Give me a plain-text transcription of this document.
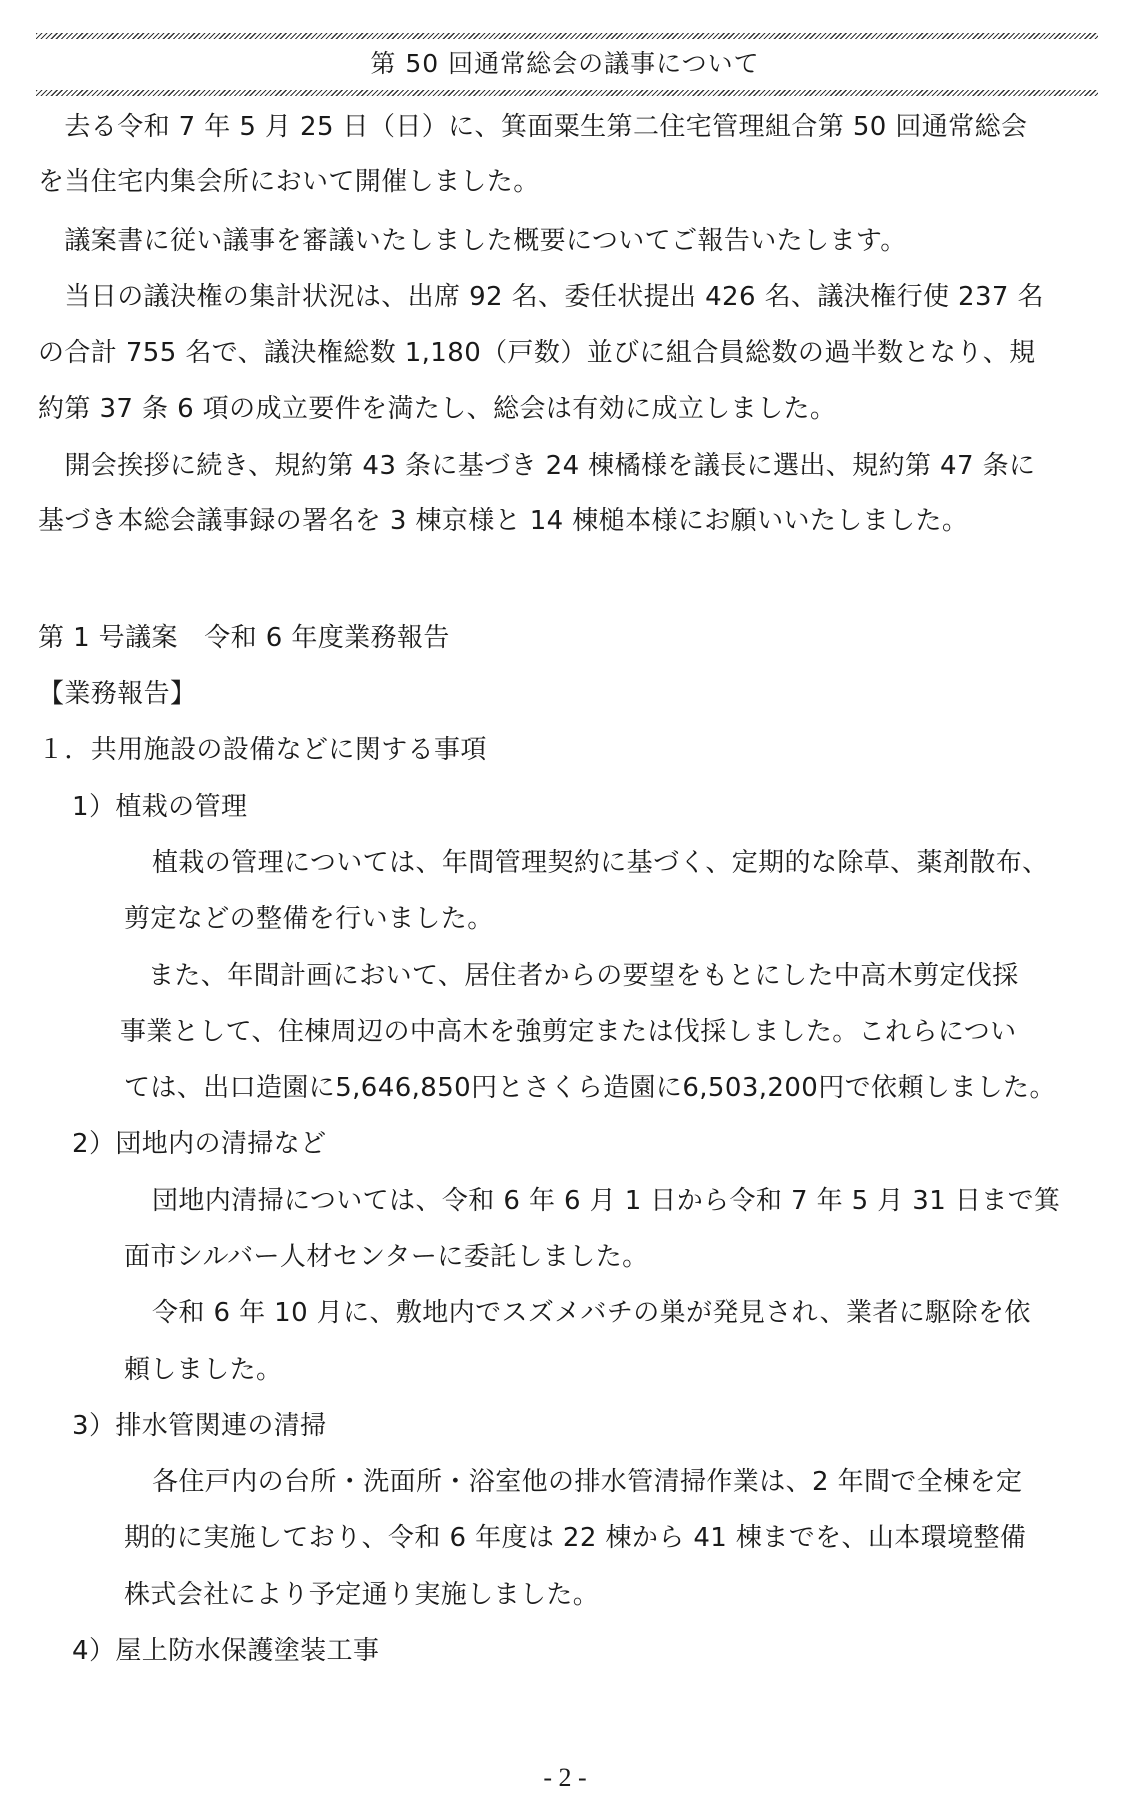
第 50 回通常総会の議事について
　去る令和 7 年 5 月 25 日（日）に、箕面粟生第二住宅管理組合第 50 回通常総会
を当住宅内集会所において開催しました。
　議案書に従い議事を審議いたしました概要についてご報告いたします。
　当日の議決権の集計状況は、出席 92 名、委任状提出 426 名、議決権行使 237 名
の合計 755 名で、議決権総数 1,180（戸数）並びに組合員総数の過半数となり、規
約第 37 条 6 項の成立要件を満たし、総会は有効に成立しました。
　開会挨拶に続き、規約第 43 条に基づき 24 棟橘様を議長に選出、規約第 47 条に
基づき本総会議事録の署名を 3 棟京様と 14 棟槌本様にお願いいたしました。
第 1 号議案　令和 6 年度業務報告
【業務報告】
１．共用施設の設備などに関する事項
1）植栽の管理
植栽の管理については、年間管理契約に基づく、定期的な除草、薬剤散布、
剪定などの整備を行いました。
また、年間計画において、居住者からの要望をもとにした中高木剪定伐採
事業として、住棟周辺の中高木を強剪定または伐採しました。これらについ
ては、出口造園に5,646,850円とさくら造園に6,503,200円で依頼しました。
2）団地内の清掃など
団地内清掃については、令和 6 年 6 月 1 日から令和 7 年 5 月 31 日まで箕
面市シルバー人材センターに委託しました。
令和 6 年 10 月に、敷地内でスズメバチの巣が発見され、業者に駆除を依
頼しました。
3）排水管関連の清掃
各住戸内の台所・洗面所・浴室他の排水管清掃作業は、2 年間で全棟を定
期的に実施しており、令和 6 年度は 22 棟から 41 棟までを、山本環境整備
株式会社により予定通り実施しました。
4）屋上防水保護塗装工事
- 2 -
